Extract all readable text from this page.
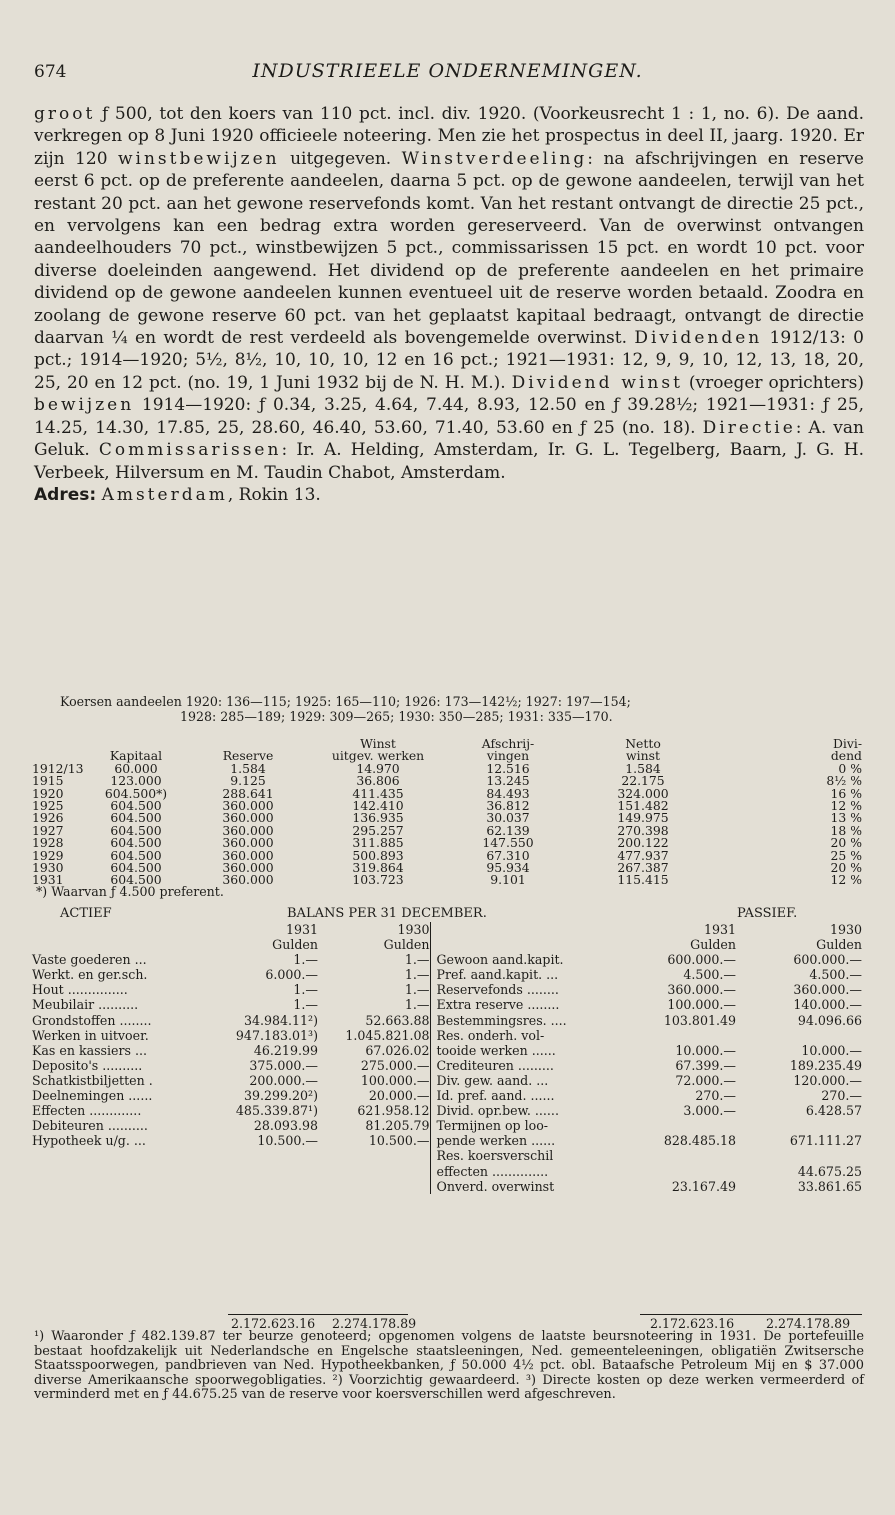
674	INDUSTRIEELE ONDERNEMINGEN.

groot ƒ 500, tot den koers van 110 pct. incl. div. 1920. (Voorkeusrecht 1 : 1, no. 6). De aand. verkregen op 8 Juni 1920 officieele noteering. Men zie het prospectus in deel II, jaarg. 1920. Er zijn 120 winstbewijzen uitgegeven. Winstverdeeling: na afschrijvingen en reserve eerst 6 pct. op de preferente aandeelen, daarna 5 pct. op de gewone aandeelen, terwijl van het restant 20 pct. aan het gewone reservefonds komt. Van het restant ontvangt de directie 25 pct., en vervolgens kan een bedrag extra worden gereserveerd. Van de overwinst ontvangen aandeelhouders 70 pct., winstbewijzen 5 pct., commissarissen 15 pct. en wordt 10 pct. voor diverse doeleinden aangewend. Het dividend op de preferente aandeelen en het primaire dividend op de gewone aandeelen kunnen eventueel uit de reserve worden betaald. Zoodra en zoolang de gewone reserve 60 pct. van het geplaatst kapitaal bedraagt, ontvangt de directie daarvan ¼ en wordt de rest verdeeld als bovengemelde overwinst. Dividenden 1912/13: 0 pct.; 1914—1920; 5½, 8½, 10, 10, 10, 12 en 16 pct.; 1921—1931: 12, 9, 9, 10, 12, 13, 18, 20, 25, 20 en 12 pct. (no. 19, 1 Juni 1932 bij de N. H. M.). Dividend winst (vroeger oprichters) bewijzen 1914—1920: ƒ 0.34, 3.25, 4.64, 7.44, 8.93, 12.50 en ƒ 39.28½; 1921—1931: ƒ 25, 14.25, 14.30, 17.85, 25, 28.60, 46.40, 53.60, 71.40, 53.60 en ƒ 25 (no. 18). Directie: A. van Geluk. Commissarissen: Ir. A. Helding, Amsterdam, Ir. G. L. Tegelberg, Baarn, J. G. H. Verbeek, Hilversum en M. Taudin Chabot, Amsterdam.

Adres: Amsterdam, Rokin 13.

Koersen aandeelen 1920: 136—115; 1925: 165—110; 1926: 173—142½; 1927: 197—154;

1928: 285—189; 1929: 309—265; 1930: 350—285; 1931: 335—170.

			Winst	Afschrij-	Netto	Divi-
	Kapitaal	Reserve	uitgev. werken	vingen	winst	dend
1912/13	60.000	1.584	14.970	12.516	1.584	0 %
1915	123.000	9.125	36.806	13.245	22.175	8½ %
1920	604.500*)	288.641	411.435	84.493	324.000	16 %
1925	604.500	360.000	142.410	36.812	151.482	12 %
1926	604.500	360.000	136.935	30.037	149.975	13 %
1927	604.500	360.000	295.257	62.139	270.398	18 %
1928	604.500	360.000	311.885	147.550	200.122	20 %
1929	604.500	360.000	500.893	67.310	477.937	25 %
1930	604.500	360.000	319.864	95.934	267.387	20 %
1931	604.500	360.000	103.723	9.101	115.415	12 %
*) Waarvan ƒ 4.500 preferent.
ACTIEF	BALANS PER 31 DECEMBER.	PASSIEF.
	1931	1930		1931	1930
	Gulden	Gulden		Gulden	Gulden
Vaste goederen ...	1.—	1.—	Gewoon aand.kapit.	600.000.—	600.000.—
Werkt. en ger.sch.	6.000.—	1.—	Pref. aand.kapit. ...	4.500.—	4.500.—
Hout ...............	1.—	1.—	Reservefonds ........	360.000.—	360.000.—
Meubilair ..........	1.—	1.—	Extra reserve ........	100.000.—	140.000.—
Grondstoffen ........	34.984.11²)	52.663.88	Bestemmingsres. ....	103.801.49	94.096.66
Werken in uitvoer.	947.183.01³)	1.045.821.08	Res. onderh. vol-		
Kas en kassiers ...	46.219.99	67.026.02	tooide werken ......	10.000.—	10.000.—
Deposito's ..........	375.000.—	275.000.—	Crediteuren .........	67.399.—	189.235.49
Schatkistbiljetten .	200.000.—	100.000.—	Div. gew. aand. ...	72.000.—	120.000.—
Deelnemingen ......	39.299.20²)	20.000.—	Id. pref. aand. ......	270.—	270.—
Effecten .............	485.339.87¹)	621.958.12	Divid. opr.bew. ......	3.000.—	6.428.57
Debiteuren ..........	28.093.98	81.205.79	Termijnen op loo-		
Hypotheek u/g. ...	10.500.—	10.500.—	pende werken ......	828.485.18	671.111.27
			Res. koersverschil		
			effecten ..............		44.675.25
			Onverd. overwinst	23.167.49	33.861.65
2.172.623.16 2.274.178.89	2.172.623.16	2.274.178.89

¹) Waaronder ƒ 482.139.87 ter beurze genoteerd; opgenomen volgens de laatste beursnoteering in 1931. De portefeuille bestaat hoofdzakelijk uit Nederlandsche en Engelsche staatsleeningen, Ned. gemeenteleeningen, obligatiën Zwitsersche Staatsspoorwegen, pandbrieven van Ned. Hypotheekbanken, ƒ 50.000 4½ pct. obl. Bataafsche Petroleum Mij en $ 37.000 diverse Amerikaansche spoorwegobligaties. ²) Voorzichtig gewaardeerd. ³) Directe kosten op deze werken vermeerderd of verminderd met en ƒ 44.675.25 van de reserve voor koersverschillen werd afgeschreven.
